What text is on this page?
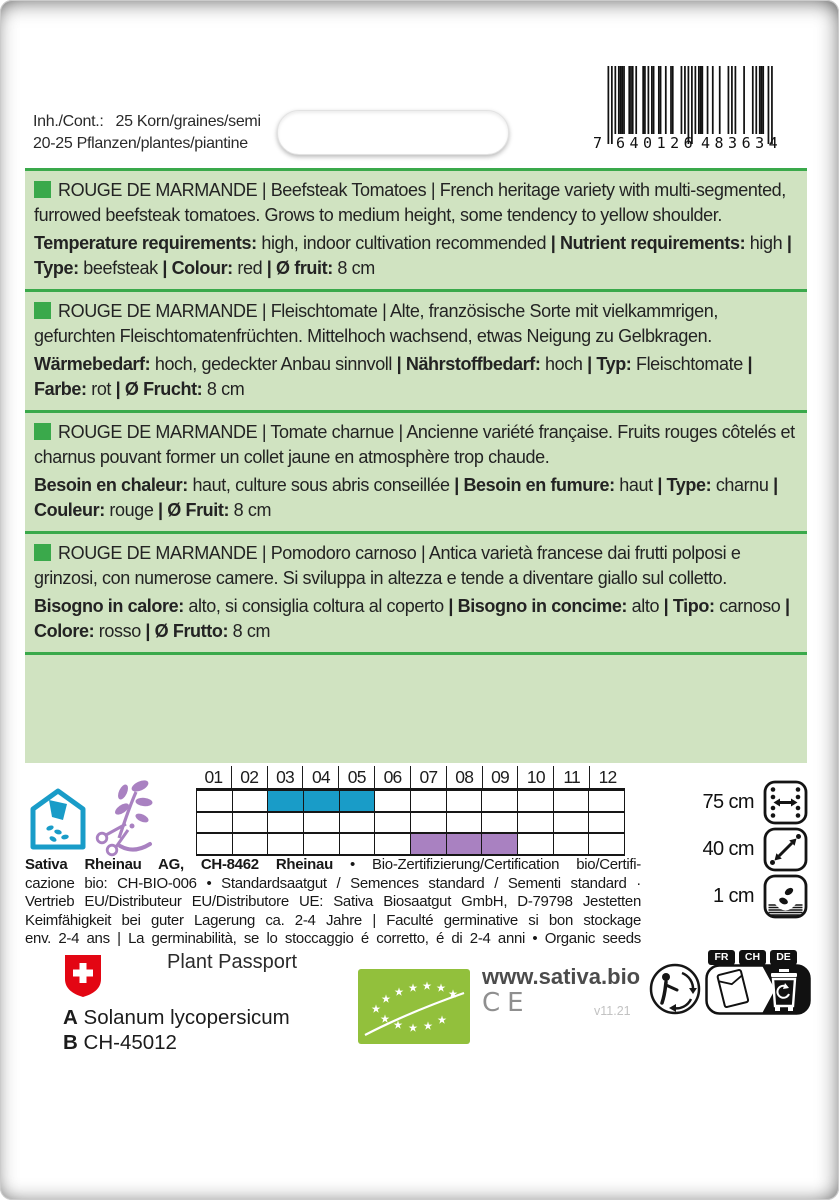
Inh./Cont.: 25 Korn/graines/semi
20-25 Pflanzen/plantes/piantine	7 640126 483634

ROUGE DE MARMANDE | Beefsteak Tomatoes | French heritage variety with multi-segmented, furrowed beefsteak tomatoes. Grows to medium height, some tendency to yellow shoulder.

Temperature requirements: high, indoor cultivation recommended | Nutrient requirements: high | Type: beefsteak | Colour: red | Ø fruit: 8 cm

ROUGE DE MARMANDE | Fleischtomate | Alte, französische Sorte mit vielkammrigen, gefurchten Fleischtomatenfrüchten. Mittelhoch wachsend, etwas Neigung zu Gelbkragen.

Wärmebedarf: hoch, gedeckter Anbau sinnvoll | Nährstoffbedarf: hoch | Typ: Fleischtomate | Farbe: rot | Ø Frucht: 8 cm

ROUGE DE MARMANDE | Tomate charnue | Ancienne variété française. Fruits rouges côtelés et charnus pouvant former un collet jaune en atmosphère trop chaude.

Besoin en chaleur: haut, culture sous abris conseillée | Besoin en fumure: haut | Type: charnu | Couleur: rouge | Ø Fruit: 8 cm

ROUGE DE MARMANDE | Pomodoro carnoso | Antica varietà francese dai frutti polposi e grinzosi, con numerose camere. Si sviluppa in altezza e tende a diventare giallo sul colletto.

Bisogno in calore: alto, si consiglia coltura al coperto | Bisogno in concime: alto | Tipo: carnoso | Colore: rosso | Ø Frutto: 8 cm

01	02	03	04	05	06	07	08	09	10	11	12
75 cm
40 cm
1 cm
Sativa Rheinau AG, CH-8462 Rheinau • Bio-Zertifizierung/Certification bio/Certifi-
cazione bio: CH-BIO-006 • Standardsaatgut / Semences standard / Sementi standard ·
Vertrieb EU/Distributeur EU/Distributore UE: Sativa Biosaatgut GmbH, D-79798 Jestetten
Keimfähigkeit bei guter Lagerung ca. 2-4 Jahre | Faculté germinative si bon stockage
env. 2-4 ans | La germinabilità, se lo stoccaggio é corretto, é di 2-4 anni • Organic seeds
Plant Passport
A Solanum lycopersicum
B CH-45012
www.sativa.bio
CE	v11.21
FR	CH	DE
